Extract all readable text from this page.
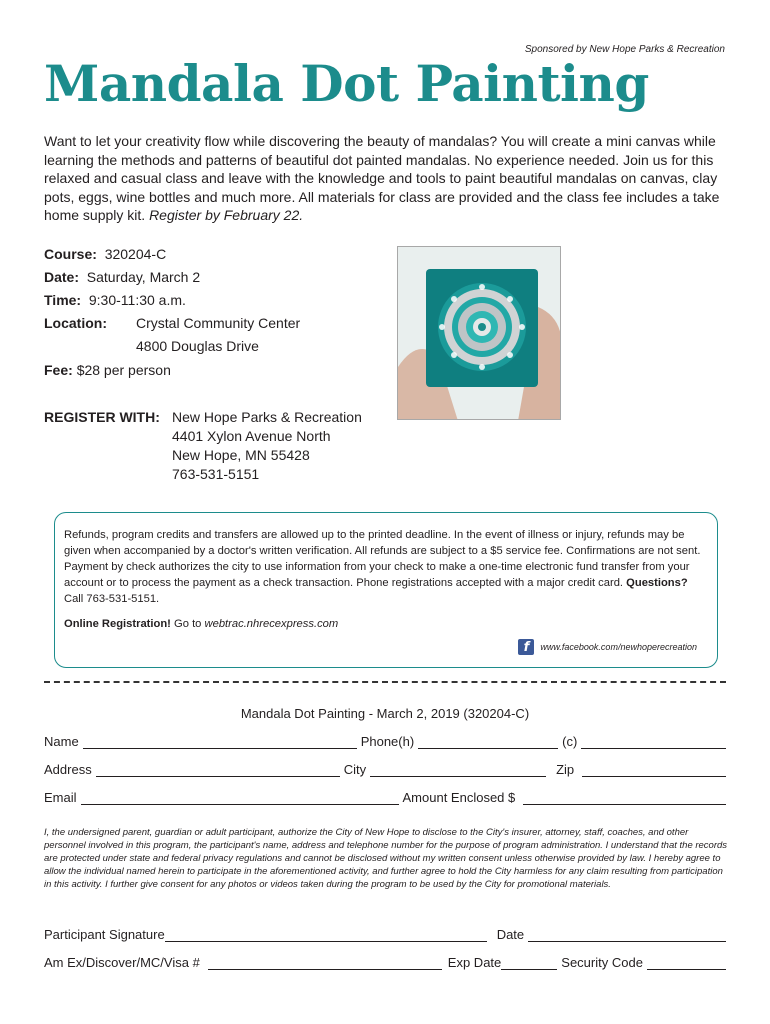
Sponsored by New Hope Parks & Recreation
Mandala Dot Painting

Want to let your creativity flow while discovering the beauty of mandalas? You will create a mini canvas while learning the methods and patterns of beautiful dot painted mandalas. No experience needed. Join us for this relaxed and casual class and leave with the knowledge and tools to paint beautiful mandalas on canvas, clay pots, eggs, wine bottles and much more. All materials for class are provided and the class fee includes a take home supply kit. Register by February 22.

Course: 320204-C
Date: Saturday, March 2
Time: 9:30-11:30 a.m.
Location: Crystal Community Center
4800 Douglas Drive
Fee: $28 per person
REGISTER WITH: New Hope Parks & Recreation
4401 Xylon Avenue North
New Hope, MN 55428
763-531-5151

Refunds, program credits and transfers are allowed up to the printed deadline. In the event of illness or injury, refunds may be given when accompanied by a doctor's written verification. All refunds are subject to a $5 service fee. Confirmations are not sent. Payment by check authorizes the city to use information from your check to make a one-time electronic fund transfer from your account or to process the payment as a check transaction. Phone registrations accepted with a major credit card. Questions? Call 763-531-5151.

Online Registration! Go to webtrac.nhrecexpress.com

f	www.facebook.com/newhoperecreation
Mandala Dot Painting - March 2, 2019 (320204-C)
Name	Phone(h)	(c)
Address	City	Zip
Email	Amount Enclosed $

I, the undersigned parent, guardian or adult participant, authorize the City of New Hope to disclose to the City's insurer, attorney, staff, coaches, and other personnel involved in this program, the participant's name, address and telephone number for the purpose of program administration. I understand that the records are protected under state and federal privacy regulations and cannot be disclosed without my written consent unless otherwise provided by law. I hereby agree to allow the individual named herein to participate in the aforementioned activity, and further agree to hold the City harmless for any claim resulting from participation in this activity. I further give consent for any photos or videos taken during the program to be used by the City for promotional materials.

Participant Signature	Date
Am Ex/Discover/MC/Visa #	Exp Date	Security Code
